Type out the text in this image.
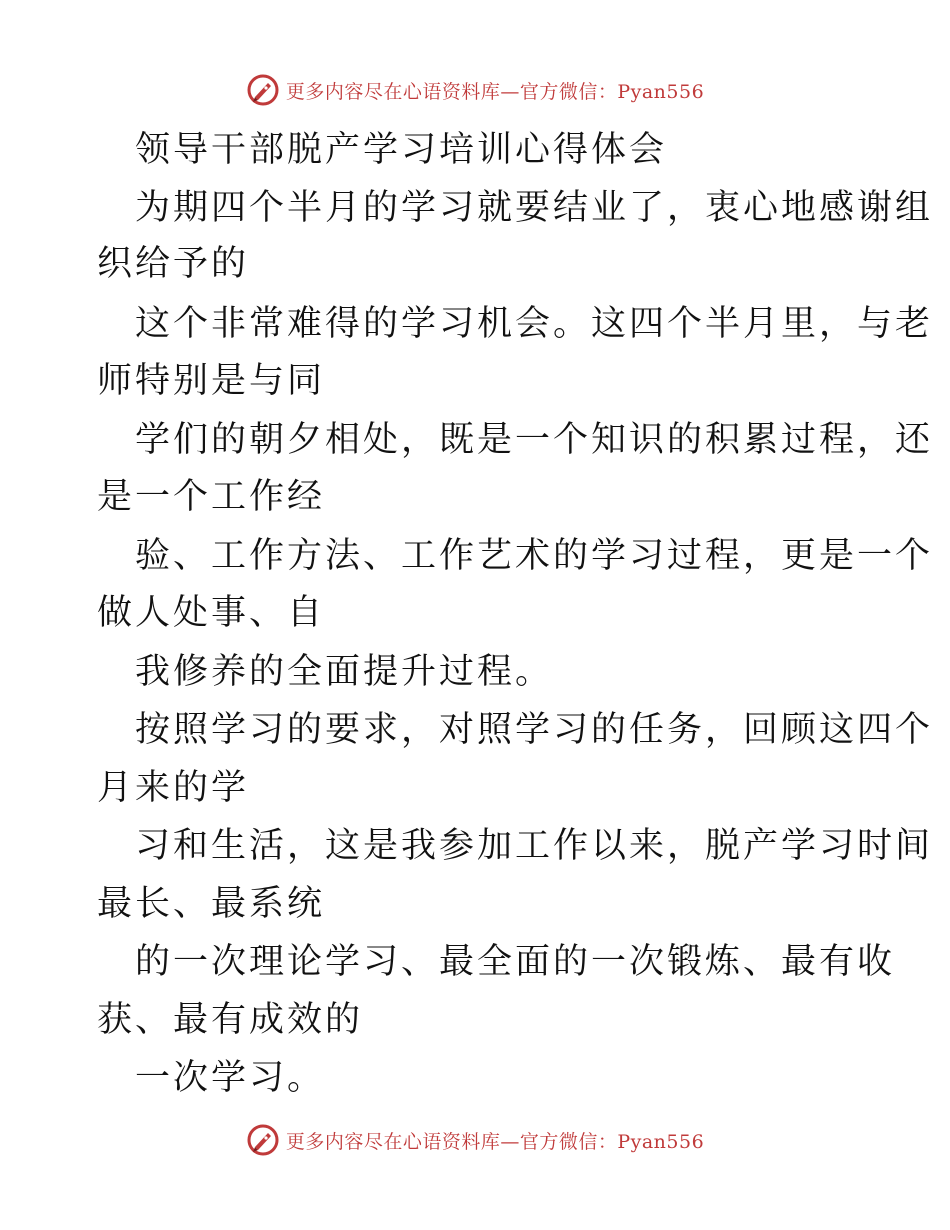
更多内容尽在心语资料库—官方微信：Pyan556
领导干部脱产学习培训心得体会
为期四个半月的学习就要结业了，衷心地感谢组
织给予的
这个非常难得的学习机会。这四个半月里，与老
师特别是与同
学们的朝夕相处，既是一个知识的积累过程，还
是一个工作经
验、工作方法、工作艺术的学习过程，更是一个
做人处事、自
我修养的全面提升过程。
按照学习的要求，对照学习的任务，回顾这四个
月来的学
习和生活，这是我参加工作以来，脱产学习时间
最长、最系统
的一次理论学习、最全面的一次锻炼、最有收
获、最有成效的
一次学习。
更多内容尽在心语资料库—官方微信：Pyan556
